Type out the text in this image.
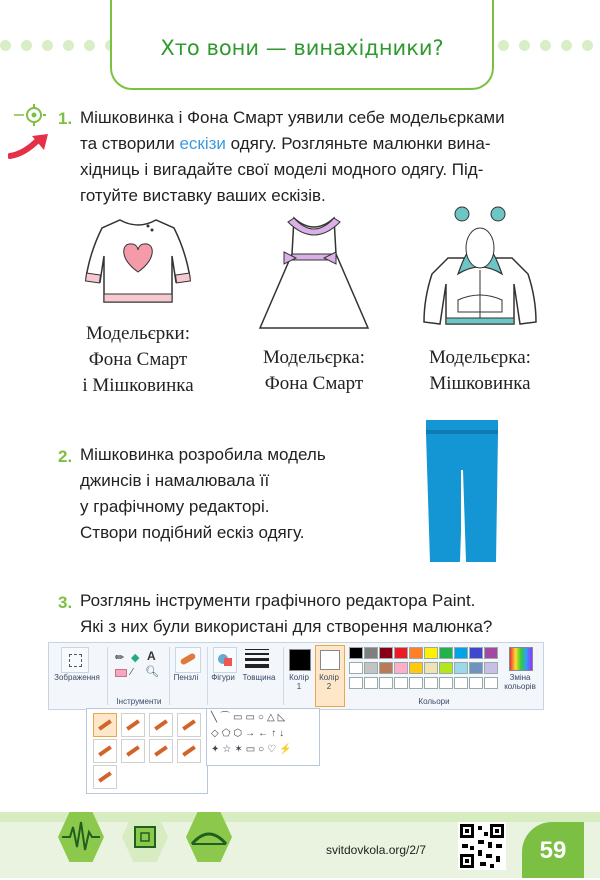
Хто вони — винахідники?
1. Мішковинка і Фона Смарт уявили себе модельєрками
та створили ескізи одягу. Розгляньте малюнки вина-
хідниць і вигадайте свої моделі модного одягу. Під-
готуйте виставку ваших ескізів.
Модельєрки:
Фона Смарт
і Мішковинка
Модельєрка:
Фона Смарт
Модельєрка:
Мішковинка
2. Мішковинка розробила модель
джинсів і намалювала її
у графічному редакторі.
Створи подібний ескіз одягу.
3. Розглянь інструменти графічного редактора Paint.
Які з них були використані для створення малюнка?
Зображення
✏ ◆ A
⁄ 🔍︎
Інструменти
Пензлі	Фігури Товщина	Колір
1
Колір
2
Кольори
Зміна
кольорів
╲⌒▭▭○△◺
◇⬠⬡→←↑↓
✦☆✶▭○♡⚡
svitdovkola.org/2/7	59
